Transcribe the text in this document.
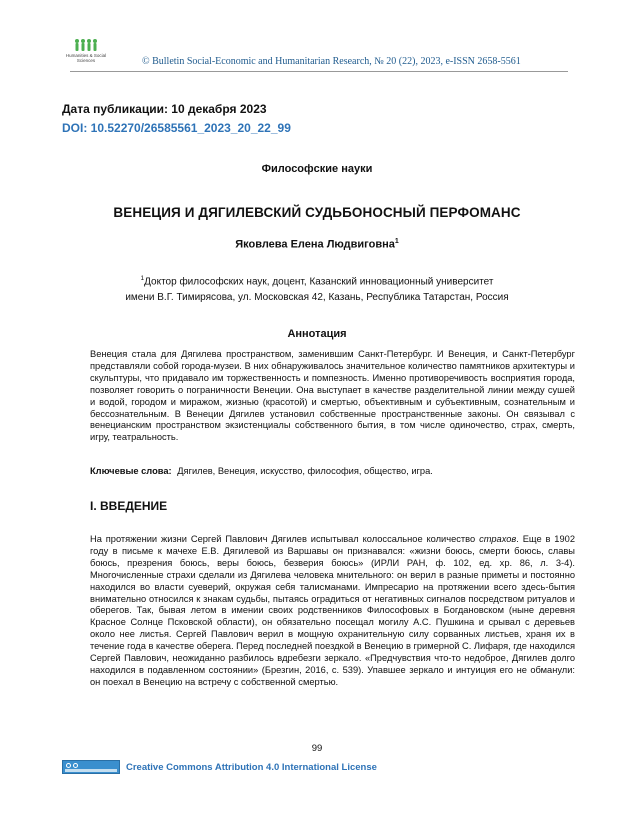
Humanities & Social
Sciences	© Bulletin Social-Economic and Humanitarian Research, № 20 (22), 2023, e-ISSN 2658-5561
Дата публикации: 10 декабря 2023
DOI: 10.52270/26585561_2023_20_22_99
Философские науки
ВЕНЕЦИЯ И ДЯГИЛЕВСКИЙ СУДЬБОНОСНЫЙ ПЕРФОМАНС
Яковлева Елена Людвиговна$^1$
$^1$Доктор философских наук, доцент, Казанский инновационный университет
имени В.Г. Тимирясова, ул. Московская 42, Казань, Республика Татарстан, Россия
Аннотация

Венеция стала для Дягилева пространством, заменившим Санкт-Петербург. И Венеция, и Санкт-Петербург представляли собой города-музеи. В них обнаруживалось значительное количество памятников архитектуры и скульптуры, что придавало им торжественность и помпезность. Именно противоречивость восприятия города, позволяет говорить о пограничности Венеции. Она выступает в качестве разделительной линии между сушей и водой, городом и миражом, жизнью (красотой) и смертью, объективным и субъективным, сознательным и бессознательным. В Венеции Дягилев установил собственные пространственные законы. Он связывал с венецианским пространством экзистенциалы собственного бытия, в том числе одиночество, страх, смерть, игру, театральность.

Ключевые слова: Дягилев, Венеция, искусство, философия, общество, игра.
I. ВВЕДЕНИЕ

На протяжении жизни Сергей Павлович Дягилев испытывал колоссальное количество страхов. Еще в 1902 году в письме к мачехе Е.В. Дягилевой из Варшавы он признавался: «жизни боюсь, смерти боюсь, славы боюсь, презрения боюсь, веры боюсь, безверия боюсь» (ИРЛИ РАН, ф. 102, ед. хр. 86, л. 3-4). Многочисленные страхи сделали из Дягилева человека мнительного: он верил в разные приметы и постоянно находился во власти суеверий, окружая себя талисманами. Импресарио на протяжении всего здесь-бытия внимательно относился к знакам судьбы, пытаясь оградиться от негативных сигналов посредством ритуалов и оберегов. Так, бывая летом в имении своих родственников Философовых в Богдановском (ныне деревня Красное Солнце Псковской области), он обязательно посещал могилу А.С. Пушкина и срывал с деревьев около нее листья. Сергей Павлович верил в мощную охранительную силу сорванных листьев, храня их в течение года в качестве оберега. Перед последней поездкой в Венецию в гримерной С. Лифаря, где находился Сергей Павлович, неожиданно разбилось вдребезги зеркало. «Предчувствия что-то недоброе, Дягилев долго находился в подавленном состоянии» (Брезгин, 2016, с. 539). Упавшее зеркало и интуиция его не обманули: он поехал в Венецию на встречу с собственной смертью.

99
Creative Commons Attribution 4.0 International License
